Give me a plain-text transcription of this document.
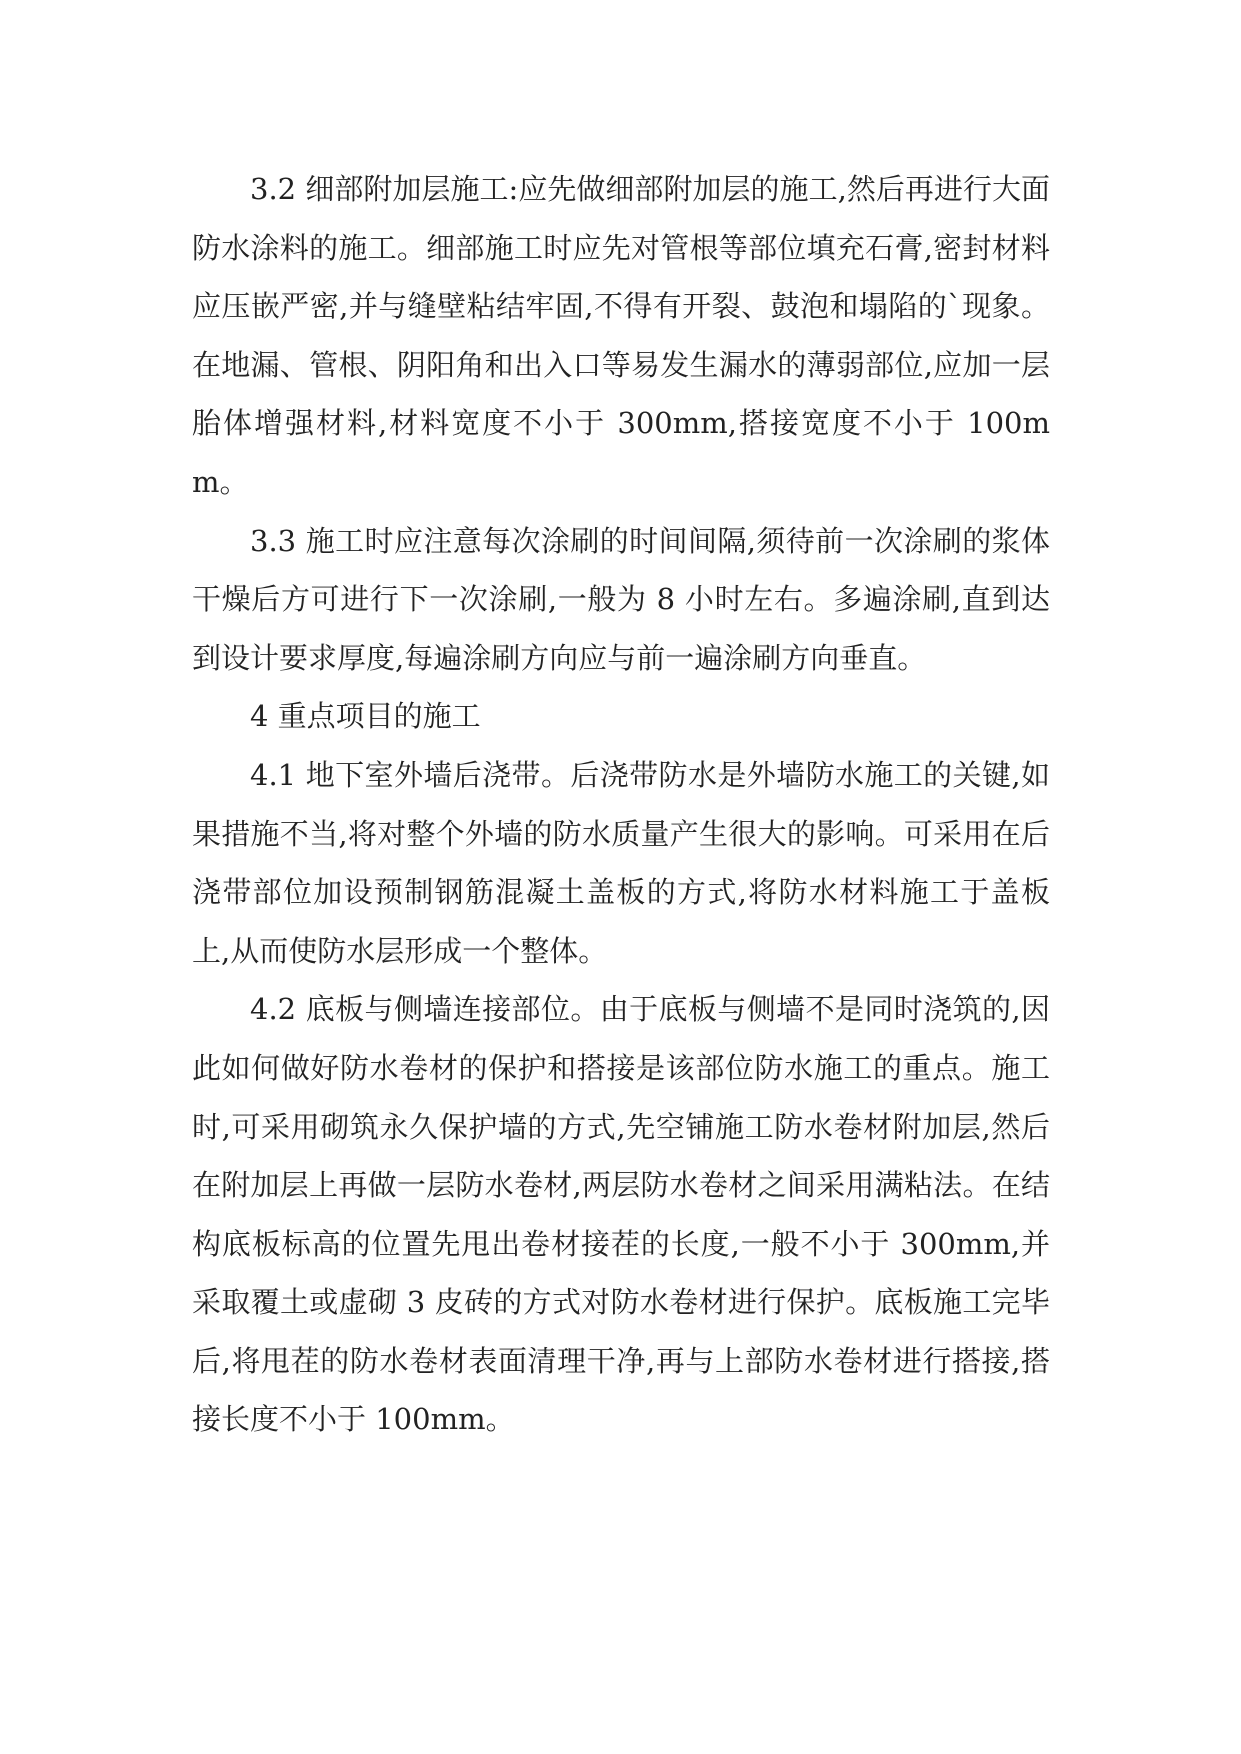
3.2 细部附加层施工:应先做细部附加层的施工,然后再进行大面防水涂料的施工。细部施工时应先对管根等部位填充石膏,密封材料应压嵌严密,并与缝壁粘结牢固,不得有开裂、鼓泡和塌陷的`现象。在地漏、管根、阴阳角和出入口等易发生漏水的薄弱部位,应加一层胎体增强材料,材料宽度不小于 300mm,搭接宽度不小于 100mm。

3.3 施工时应注意每次涂刷的时间间隔,须待前一次涂刷的浆体干燥后方可进行下一次涂刷,一般为 8 小时左右。多遍涂刷,直到达到设计要求厚度,每遍涂刷方向应与前一遍涂刷方向垂直。

4 重点项目的施工

4.1 地下室外墙后浇带。后浇带防水是外墙防水施工的关键,如果措施不当,将对整个外墙的防水质量产生很大的影响。可采用在后浇带部位加设预制钢筋混凝土盖板的方式,将防水材料施工于盖板上,从而使防水层形成一个整体。

4.2 底板与侧墙连接部位。由于底板与侧墙不是同时浇筑的,因此如何做好防水卷材的保护和搭接是该部位防水施工的重点。施工时,可采用砌筑永久保护墙的方式,先空铺施工防水卷材附加层,然后在附加层上再做一层防水卷材,两层防水卷材之间采用满粘法。在结构底板标高的位置先甩出卷材接茬的长度,一般不小于 300mm,并采取覆土或虚砌 3 皮砖的方式对防水卷材进行保护。底板施工完毕后,将甩茬的防水卷材表面清理干净,再与上部防水卷材进行搭接,搭接长度不小于 100mm。
